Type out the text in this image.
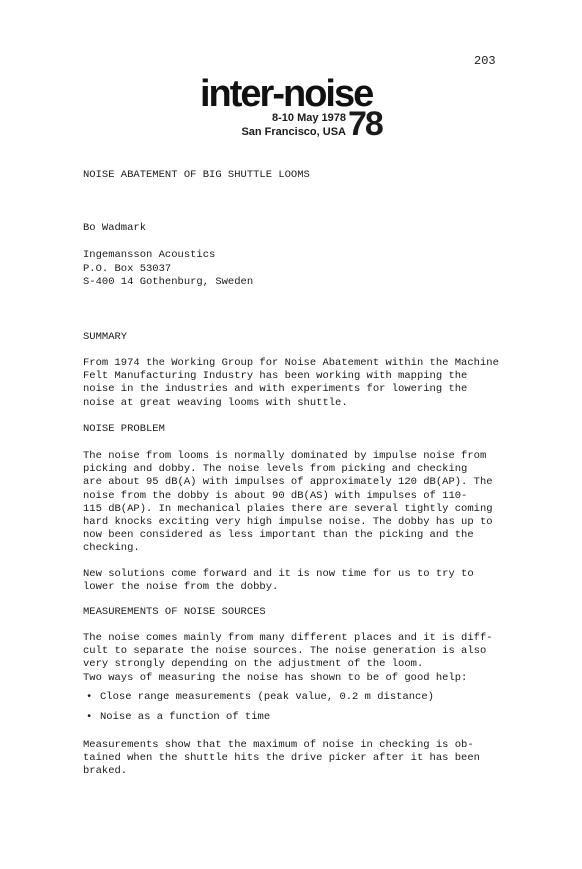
203
inter-noise
8-10 May 1978
San Francisco, USA 78

NOISE ABATEMENT OF BIG SHUTTLE LOOMS

Bo Wadmark

Ingemansson Acoustics
P.O. Box 53037
S-400 14 Gothenburg, Sweden

SUMMARY

From 1974 the Working Group for Noise Abatement within the Machine
Felt Manufacturing Industry has been working with mapping the
noise in the industries and with experiments for lowering the
noise at great weaving looms with shuttle.

NOISE PROBLEM

The noise from looms is normally dominated by impulse noise from
picking and dobby. The noise levels from picking and checking
are about 95 dB(A) with impulses of approximately 120 dB(AP). The
noise from the dobby is about 90 dB(AS) with impulses of 110-
115 dB(AP). In mechanical plaies there are several tightly coming
hard knocks exciting very high impulse noise. The dobby has up to
now been considered as less important than the picking and the
checking.

New solutions come forward and it is now time for us to try to
lower the noise from the dobby.

MEASUREMENTS OF NOISE SOURCES

The noise comes mainly from many different places and it is diff-
cult to separate the noise sources. The noise generation is also
very strongly depending on the adjustment of the loom.
Two ways of measuring the noise has shown to be of good help:

• Close range measurements (peak value, 0.2 m distance)
• Noise as a function of time

Measurements show that the maximum of noise in checking is ob-
tained when the shuttle hits the drive picker after it has been
braked.
